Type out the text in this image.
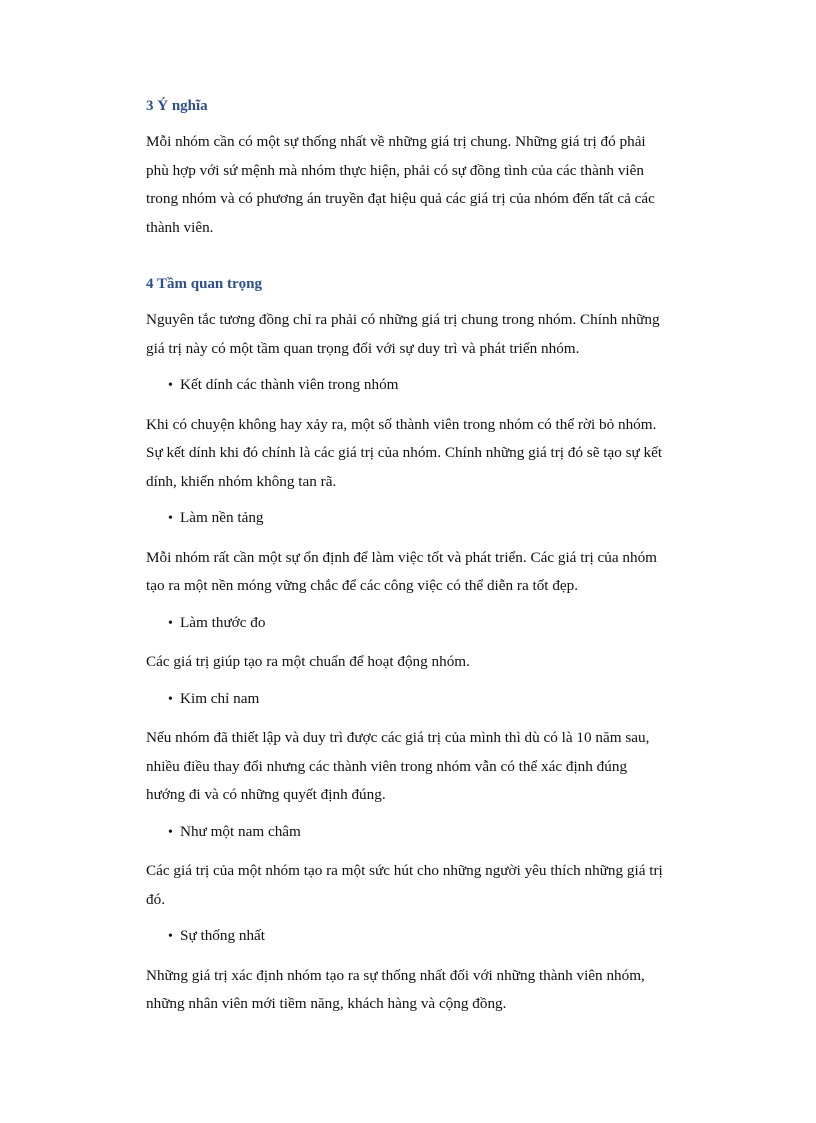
3 Ý nghĩa

Mỗi nhóm cần có một sự thống nhất về những giá trị chung. Những giá trị đó phải

phù hợp với sứ mệnh mà nhóm thực hiện, phải có sự đồng tình của các thành viên

trong nhóm và có phương án truyền đạt hiệu quả các giá trị của nhóm đến tất cả các

thành viên.

4 Tầm quan trọng

Nguyên tắc tương đồng chỉ ra phải có những giá trị chung trong nhóm. Chính những

giá trị này có một tầm quan trọng đối với sự duy trì và phát triển nhóm.

• Kết dính các thành viên trong nhóm

Khi có chuyện không hay xảy ra, một số thành viên trong nhóm có thể rời bỏ nhóm.

Sự kết dính khi đó chính là các giá trị của nhóm. Chính những giá trị đó sẽ tạo sự kết

dính, khiến nhóm không tan rã.

• Làm nền tảng

Mỗi nhóm rất cần một sự ổn định để làm việc tốt và phát triển. Các giá trị của nhóm

tạo ra một nền móng vững chắc để các công việc có thể diễn ra tốt đẹp.

• Làm thước đo

Các giá trị giúp tạo ra một chuẩn để hoạt động nhóm.

• Kim chỉ nam

Nếu nhóm đã thiết lập và duy trì được các giá trị của mình thì dù có là 10 năm sau,

nhiều điều thay đổi nhưng các thành viên trong nhóm vẫn có thể xác định đúng

hướng đi và có những quyết định đúng.

• Như một nam châm

Các giá trị của một nhóm tạo ra một sức hút cho những người yêu thích những giá trị

đó.

• Sự thống nhất

Những giá trị xác định nhóm tạo ra sự thống nhất đối với những thành viên nhóm,

những nhân viên mới tiềm năng, khách hàng và cộng đồng.
